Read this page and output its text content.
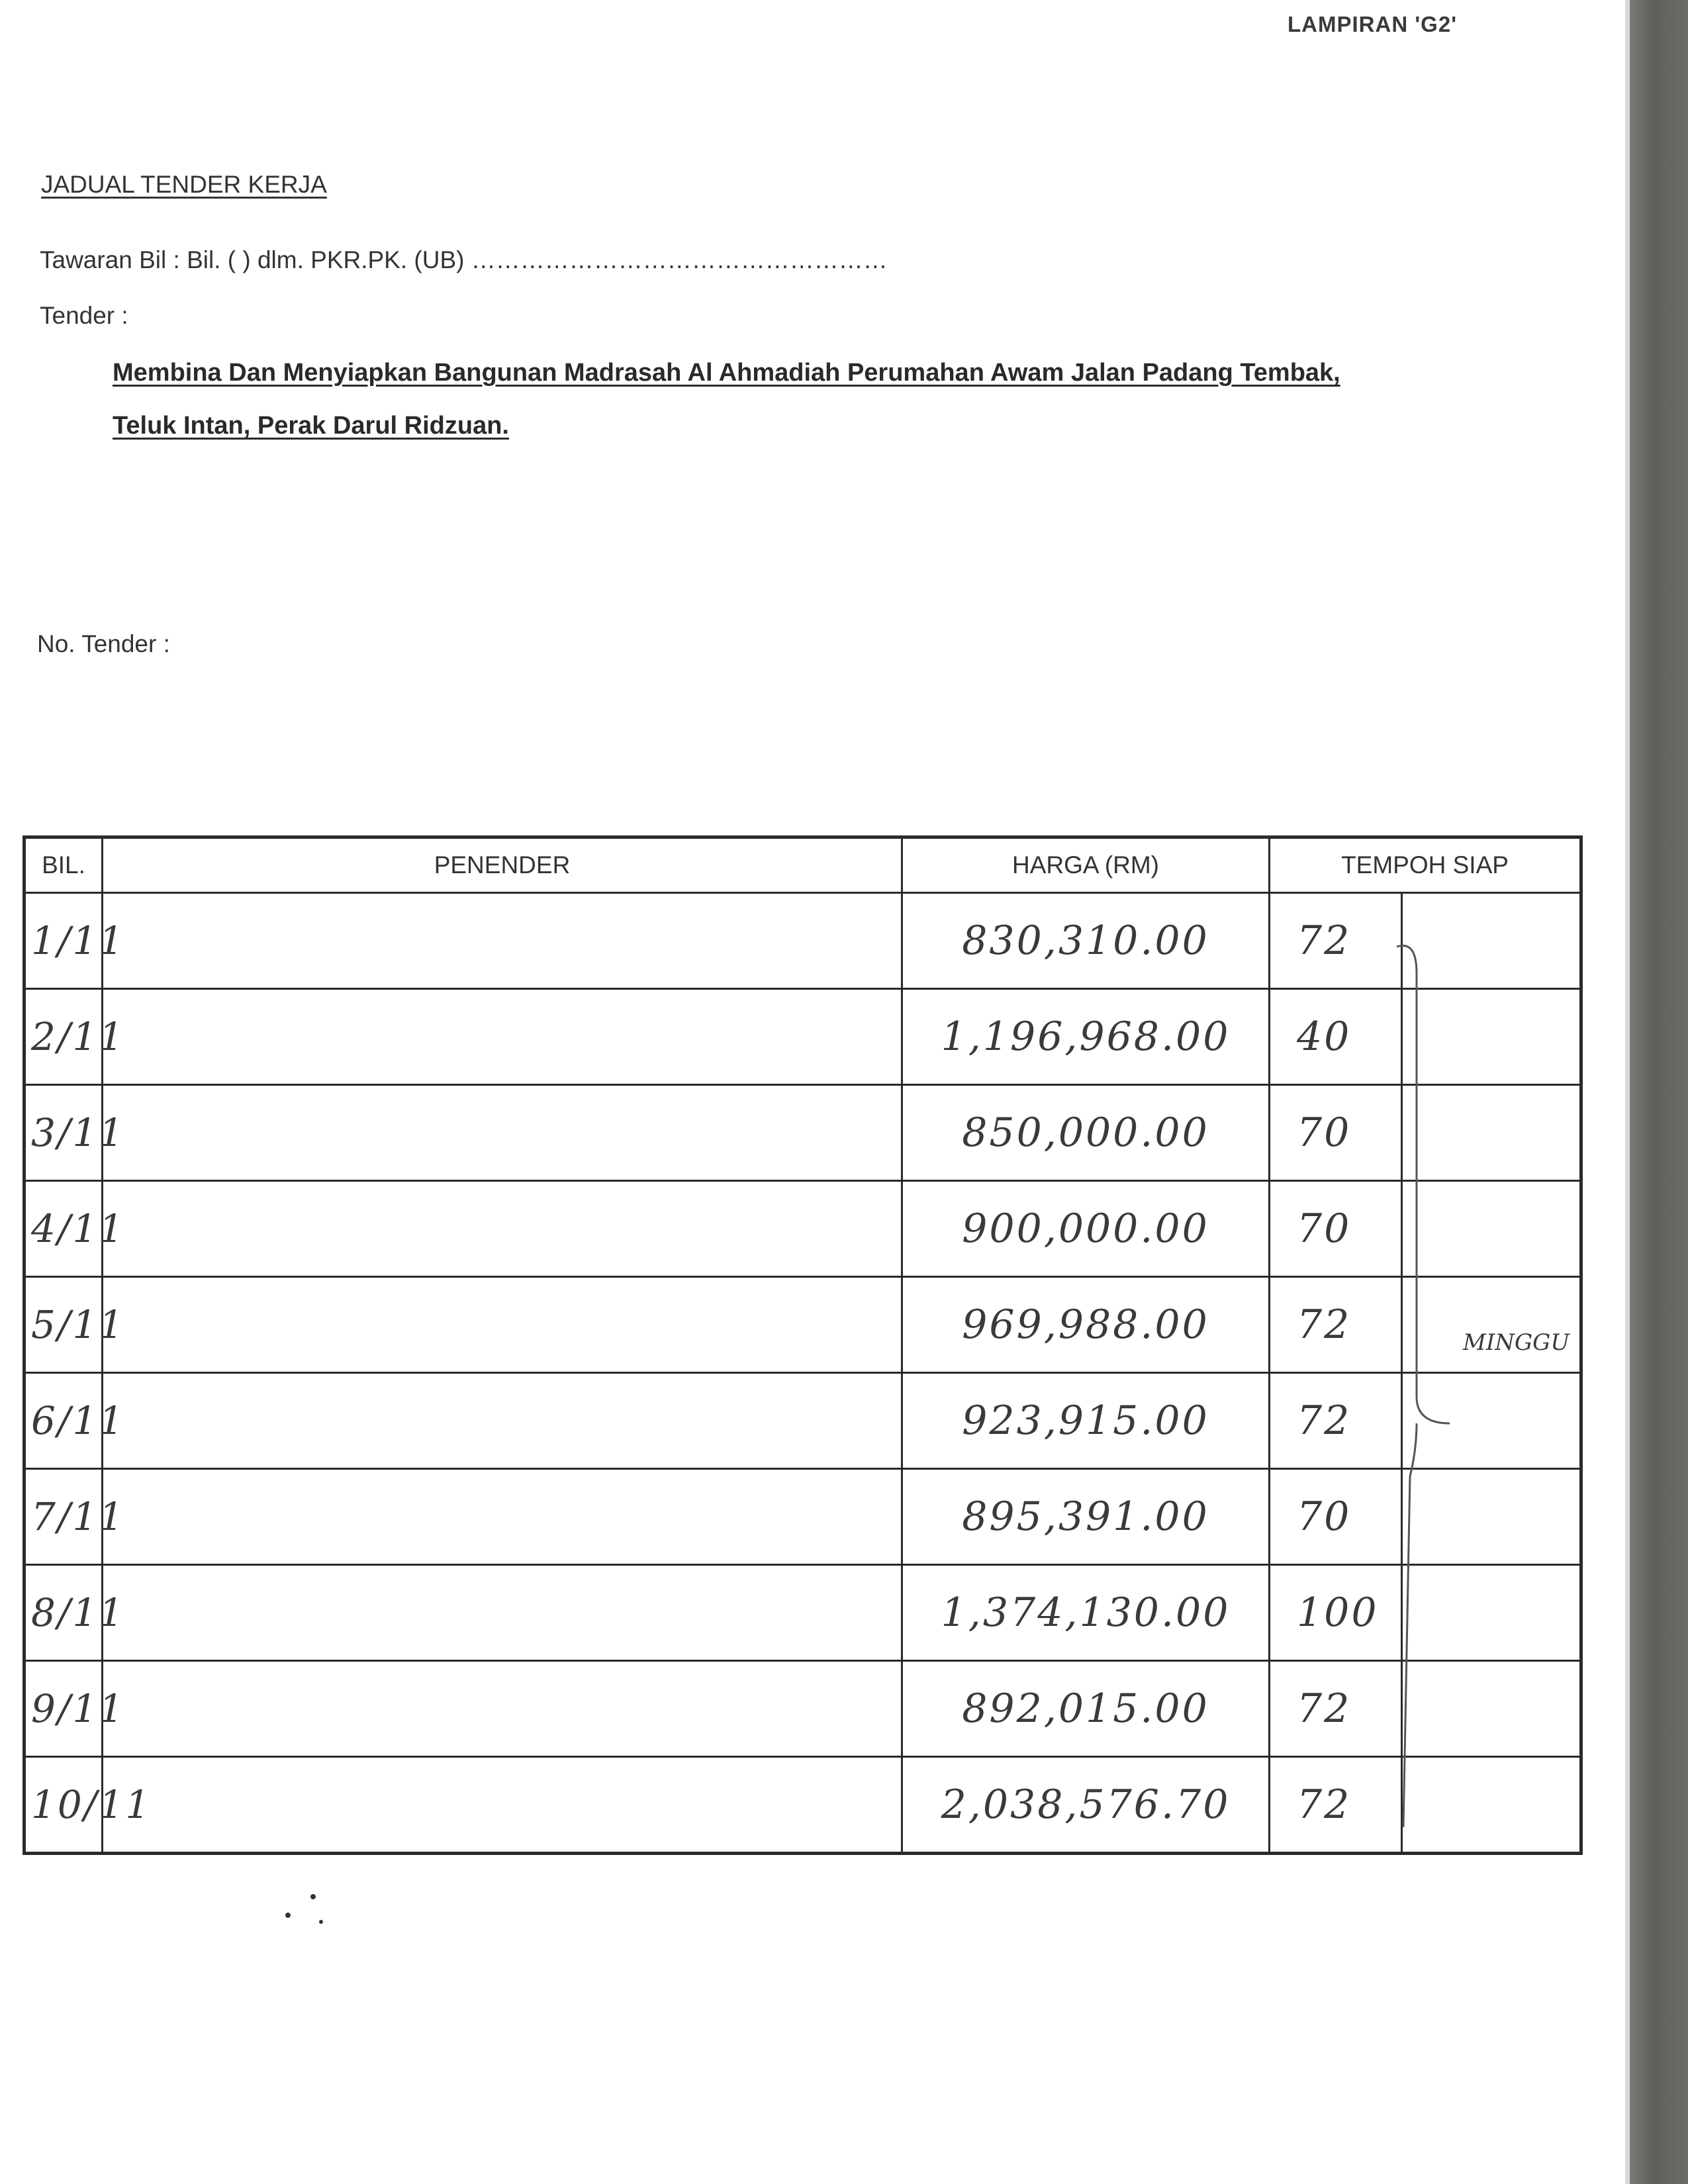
LAMPIRAN 'G2'
JADUAL TENDER KERJA
Tawaran Bil : Bil. ( ) dlm. PKR.PK. (UB) ……………………………………………
Tender :
Membina Dan Menyiapkan Bangunan Madrasah Al Ahmadiah Perumahan Awam Jalan Padang Tembak,
Teluk Intan, Perak Darul Ridzuan.
No. Tender :
BIL.	PENENDER	HARGA (RM)	TEMPOH SIAP	
1/11		830,310.00	72	
2/11		1,196,968.00	40	
3/11		850,000.00	70	
4/11		900,000.00	70	
5/11		969,988.00	72	
6/11		923,915.00	72	
7/11		895,391.00	70	
8/11		1,374,130.00	100	
9/11		892,015.00	72	
10/11		2,038,576.70	72	
MINGGU
